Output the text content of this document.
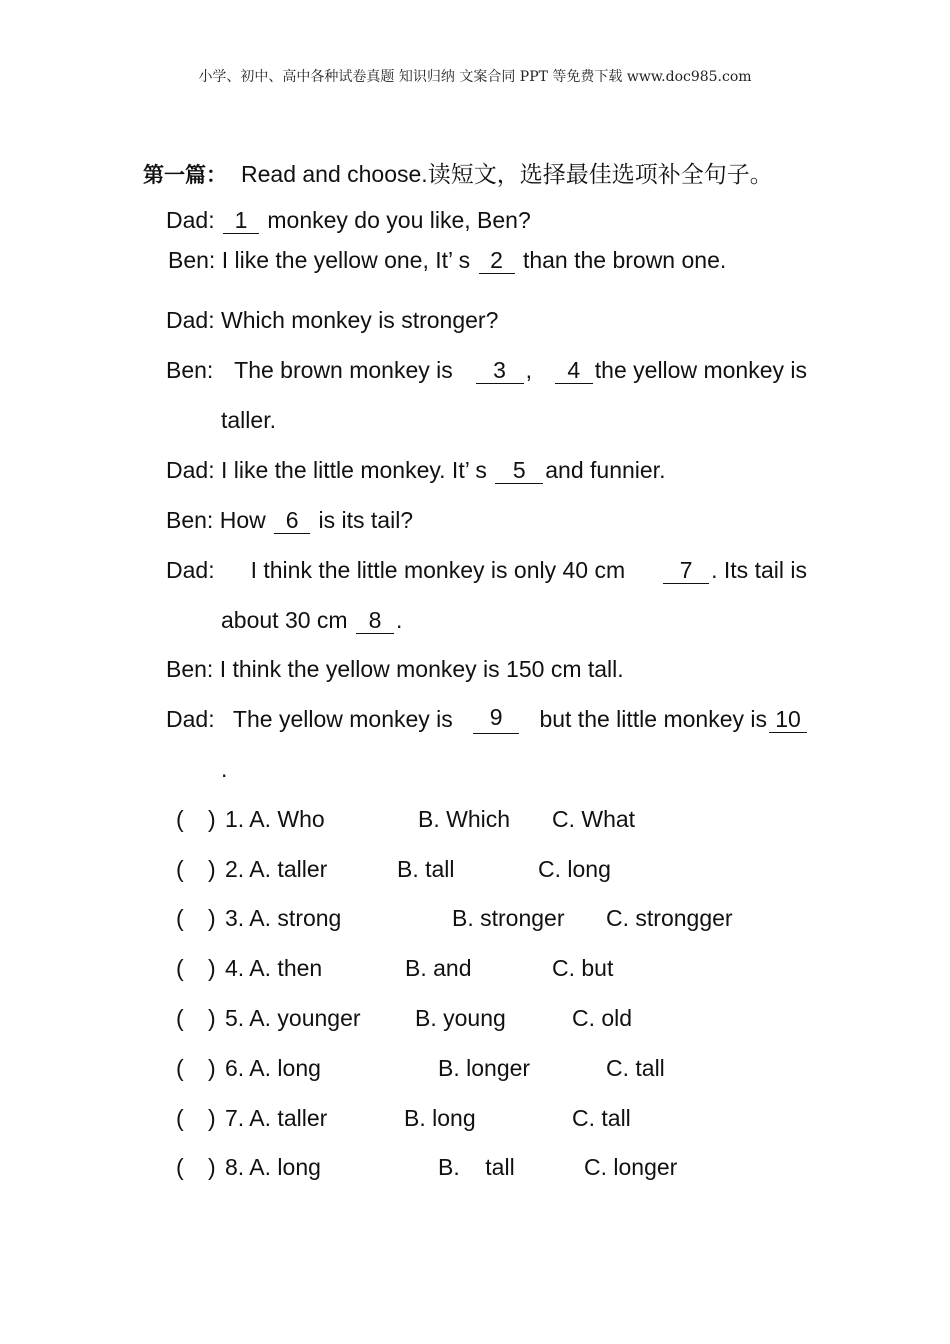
小学、初中、高中各种试卷真题 知识归纳 文案合同 PPT 等免费下载 www.doc985.com
第一篇： Read and choose.读短文，选择最佳选项补全句子。
Dad: 1 monkey do you like, Ben?
Ben: I like the yellow one, It’ s 2 than the brown one.
Dad: Which monkey is stronger?
Ben: The brown monkey is	3 ,	4 the yellow monkey is
taller.
Dad: I like the little monkey. It’ s 5 and funnier.
Ben: How 6 is its tail?
Dad: I think the little monkey is only 40 cm	7 . Its tail is
about 30 cm 8 .
Ben: I think the yellow monkey is 150 cm tall.
Dad: The yellow monkey is	9	but the little monkey is 10
.
( ) 1. A. Who	B. Which C. What
( ) 2. A. taller	B. tall	C. long
( ) 3. A. strong	B. stronger C. strongger
( ) 4. A. then	B. and	C. but
( ) 5. A. younger B. young	C. old
( ) 6. A. long	B. longer	C. tall
( ) 7. A. taller	B. long	C. tall
( ) 8. A. long	B.    tall	C. longer
